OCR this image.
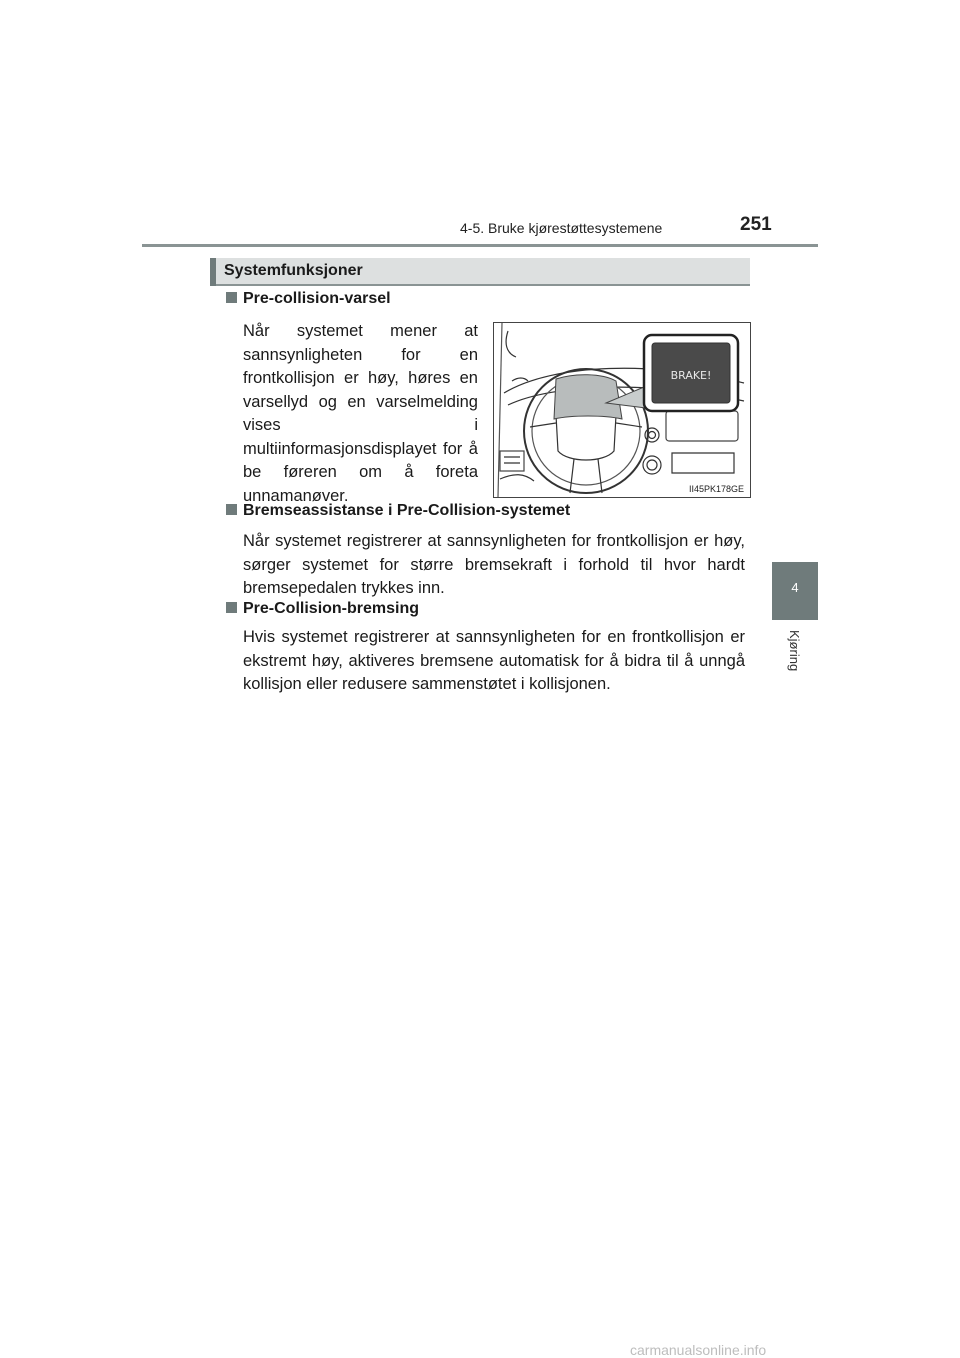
4-5. Bruke kjørestøttesystemene	251
Systemfunksjoner
Pre-collision-varsel
Når systemet mener at sannsynligheten for en frontkollisjon er høy, høres en varsellyd og en varselmelding vises i multiinformasjonsdisplayet for å be føreren om å foreta unnamanøver.
BRAKE!
II45PK178GE
Bremseassistanse i Pre-Collision-systemet
Når systemet registrerer at sannsynligheten for frontkollisjon er høy, sørger systemet for større bremsekraft i forhold til hvor hardt bremsepedalen trykkes inn.
Pre-Collision-bremsing
Hvis systemet registrerer at sannsynligheten for en frontkollisjon er ekstremt høy, aktiveres bremsene automatisk for å bidra til å unngå kollisjon eller redusere sammenstøtet i kollisjonen.
4
Kjøring
carmanualsonline.info
